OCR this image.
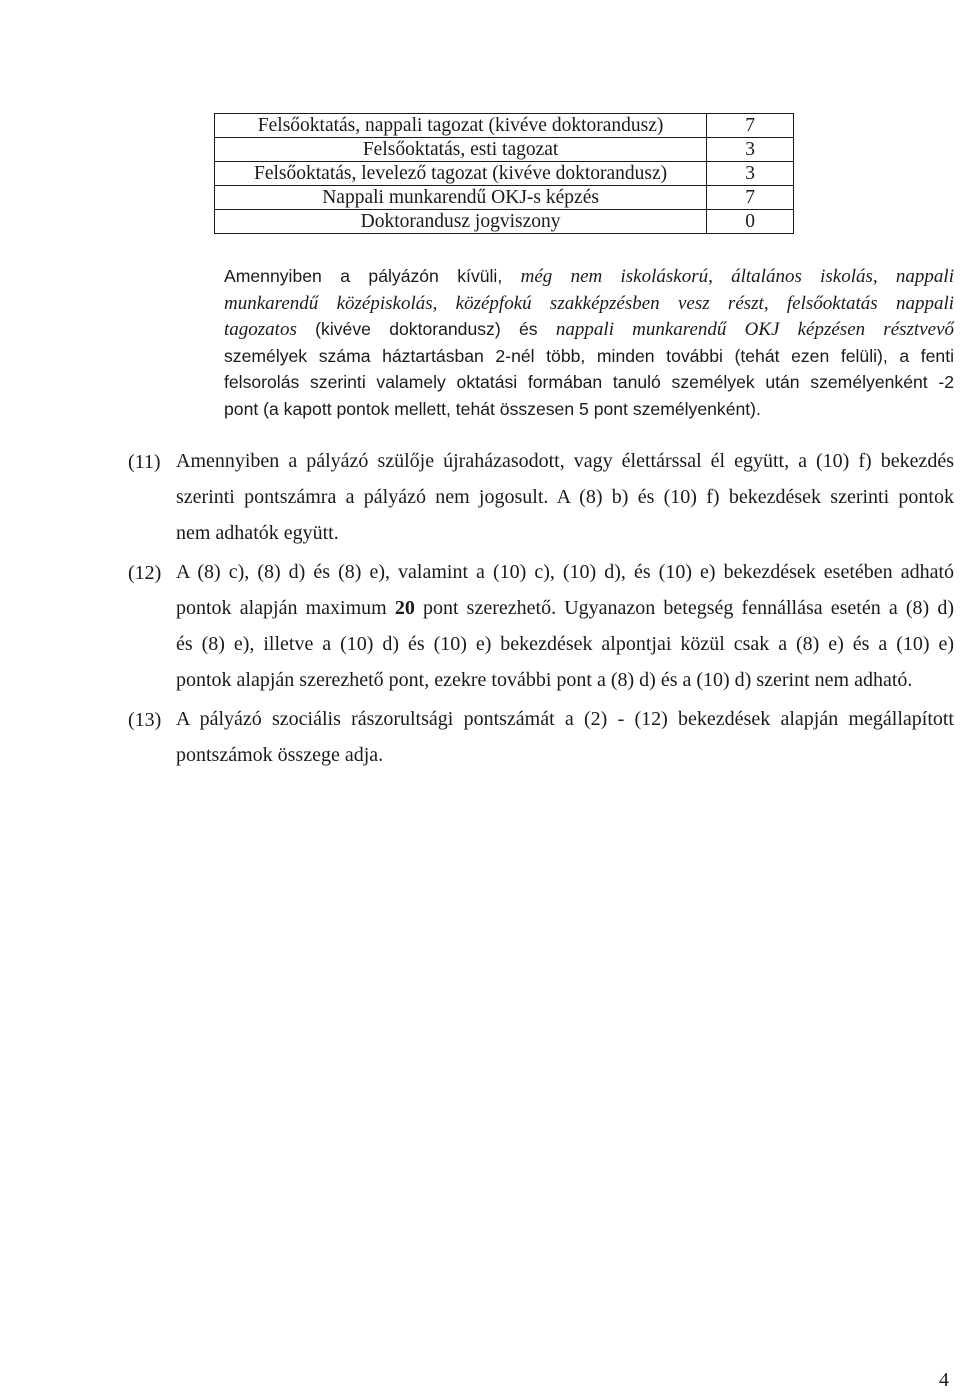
Felsőoktatás, nappali tagozat (kivéve doktorandusz)	7
Felsőoktatás, esti tagozat	3
Felsőoktatás, levelező tagozat (kivéve doktorandusz)	3
Nappali munkarendű OKJ-s képzés	7
Doktorandusz jogviszony	0
Amennyiben a pályázón kívüli, még nem iskoláskorú, általános iskolás, nappali
munkarendű középiskolás, középfokú szakképzésben vesz részt, felsőoktatás nappali
tagozatos (kivéve doktorandusz) és nappali munkarendű OKJ képzésen résztvevő
személyek száma háztartásban 2-nél több, minden további (tehát ezen felüli), a fenti
felsorolás szerinti valamely oktatási formában tanuló személyek után személyenként -2
pont (a kapott pontok mellett, tehát összesen 5 pont személyenként).
(11) Amennyiben a pályázó szülője újraházasodott, vagy élettárssal él együtt, a (10) f) bekezdés
szerinti pontszámra a pályázó nem jogosult. A (8) b) és (10) f) bekezdések szerinti pontok
nem adhatók együtt.
(12) A (8) c), (8) d) és (8) e), valamint a (10) c), (10) d), és (10) e) bekezdések esetében adható
pontok alapján maximum 20 pont szerezhető. Ugyanazon betegség fennállása esetén a (8) d)
és (8) e), illetve a (10) d) és (10) e) bekezdések alpontjai közül csak a (8) e) és a (10) e)
pontok alapján szerezhető pont, ezekre további pont a (8) d) és a (10) d) szerint nem adható.
(13) A pályázó szociális rászorultsági pontszámát a (2) - (12) bekezdések alapján megállapított
pontszámok összege adja.
4
